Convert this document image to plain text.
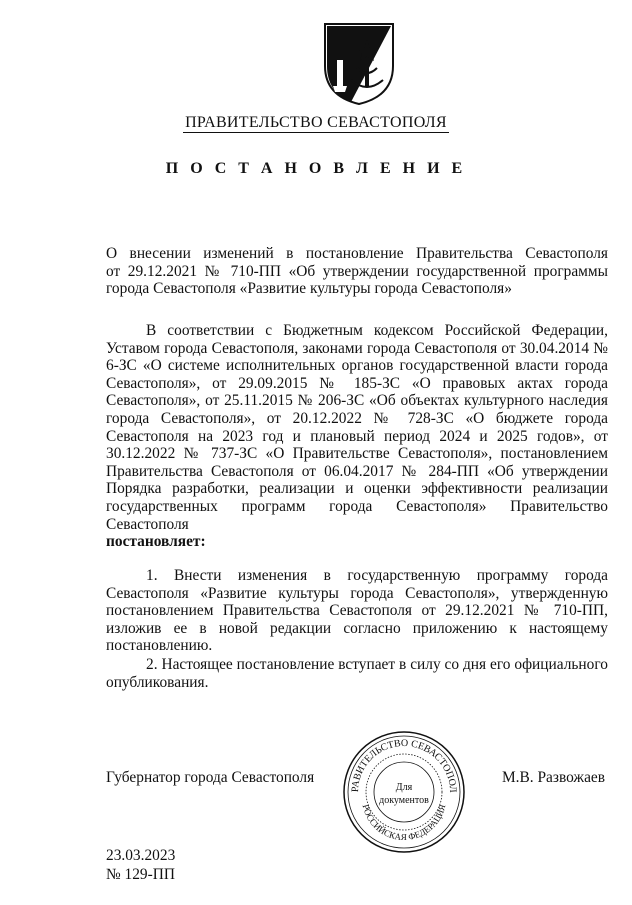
ПРАВИТЕЛЬСТВО СЕВАСТОПОЛЯ
П О С Т А Н О В Л Е Н И Е

О внесении изменений в постановление Правительства Севастополя

от 29.12.2021 № 710-ПП «Об утверждении государственной программы

города Севастополя «Развитие культуры города Севастополя»

В соответствии с Бюджетным кодексом Российской Федерации, Уставом города Севастополя, законами города Севастополя от 30.04.2014 № 6-ЗС «О системе исполнительных органов государственной власти города Севастополя», от 29.09.2015 № 185-ЗС «О правовых актах города Севастополя», от 25.11.2015 № 206-ЗС «Об объектах культурного наследия города Севастополя», от 20.12.2022 № 728-ЗС «О бюджете города Севастополя на 2023 год и плановый период 2024 и 2025 годов», от 30.12.2022 № 737-ЗС «О Правительстве Севастополя», постановлением Правительства Севастополя от 06.04.2017 № 284-ПП «Об утверждении Порядка разработки, реализации и оценки эффективности реализации государственных программ города Севастополя» Правительство Севастополя

постановляет:

1. Внести изменения в государственную программу города Севастополя «Развитие культуры города Севастополя», утвержденную постановлением Правительства Севастополя от 29.12.2021 № 710-ПП, изложив ее в новой редакции согласно приложению к настоящему постановлению.

2. Настоящее постановление вступает в силу со дня его официального опубликования.

Губернатор города Севастополя	М.В. Развожаев
РАВИТЕЛЬСТВО СЕВАСТОПОЛ
РОССИЙСКАЯ ФЕДЕРАЦИЯ
Для
документов
23.03.2023
№ 129-ПП
